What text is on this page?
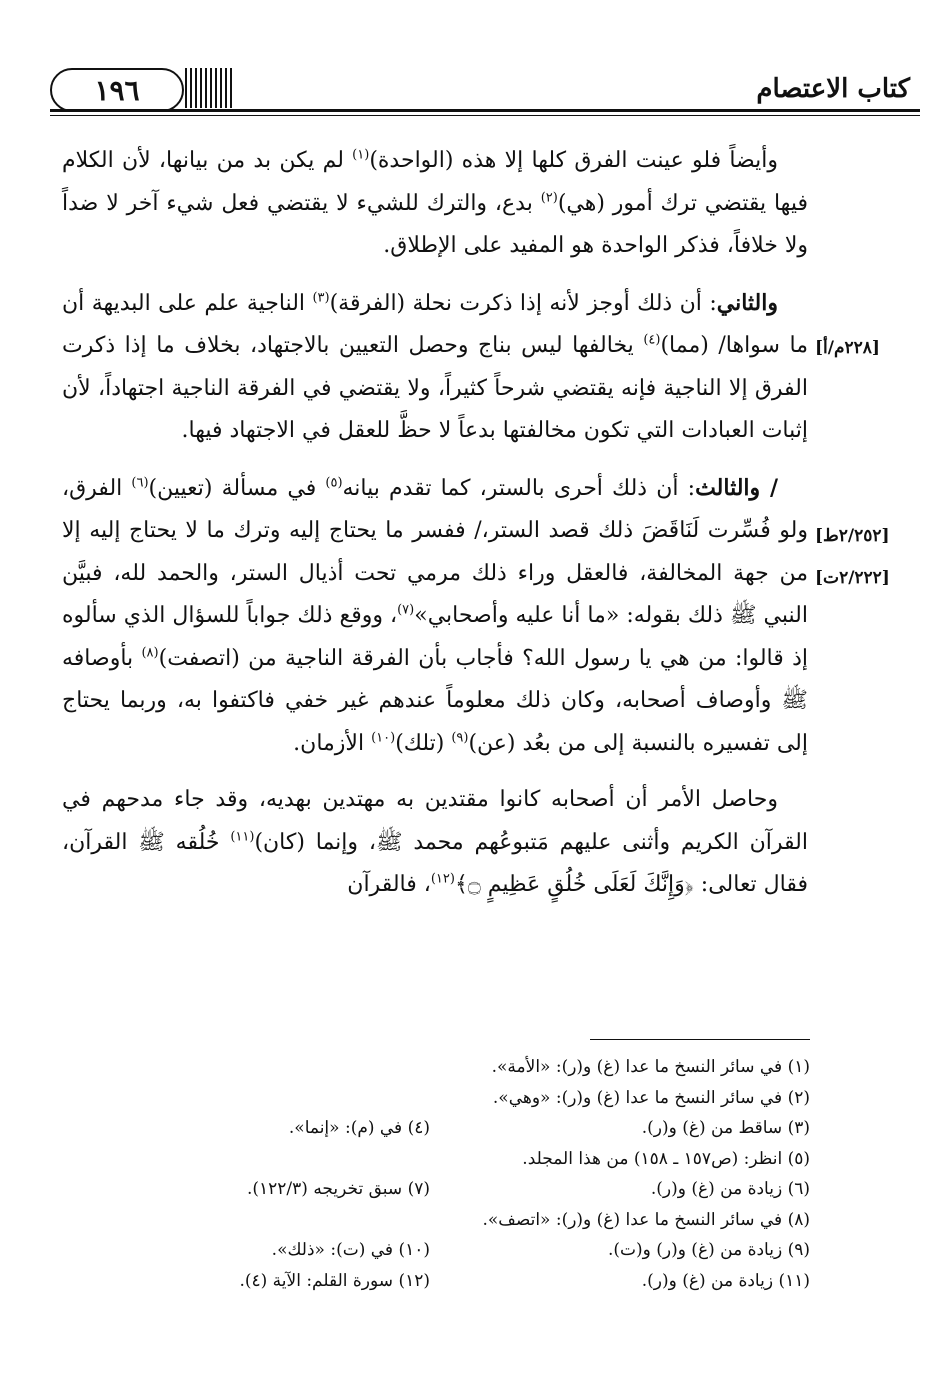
١٩٦	كتاب الاعتصام
[٢٢٨م/أ]
[٢/٢٥٢ط]
[٢/٢٢٢ت]

وأيضاً فلو عينت الفرق كلها إلا هذه (الواحدة)$^{(١)}$ لم يكن بد من بيانها، لأن الكلام فيها يقتضي ترك أمور (هي)$^{(٢)}$ بدع، والترك للشيء لا يقتضي فعل شيء آخر لا ضداً ولا خلافاً، فذكر الواحدة هو المفيد على الإطلاق.

والثاني: أن ذلك أوجز لأنه إذا ذكرت نحلة (الفرقة)$^{(٣)}$ الناجية علم على البديهة أن ما سواها/ (مما)$^{(٤)}$ يخالفها ليس بناج وحصل التعيين بالاجتهاد، بخلاف ما إذا ذكرت الفرق إلا الناجية فإنه يقتضي شرحاً كثيراً، ولا يقتضي في الفرقة الناجية اجتهاداً، لأن إثبات العبادات التي تكون مخالفتها بدعاً لا حظَّ للعقل في الاجتهاد فيها.

/ والثالث: أن ذلك أحرى بالستر، كما تقدم بيانه$^{(٥)}$ في مسألة (تعيين)$^{(٦)}$ الفرق، ولو فُسِّرت لَنَاقَضَ ذلك قصد الستر،/ ففسر ما يحتاج إليه وترك ما لا يحتاج إليه إلا من جهة المخالفة، فالعقل وراء ذلك مرمي تحت أذيال الستر، والحمد لله، فبيَّن النبي ﷺ ذلك بقوله: «ما أنا عليه وأصحابي»$^{(٧)}$، ووقع ذلك جواباً للسؤال الذي سألوه إذ قالوا: من هي يا رسول الله؟ فأجاب بأن الفرقة الناجية من (اتصفت)$^{(٨)}$ بأوصافه ﷺ وأوصاف أصحابه، وكان ذلك معلوماً عندهم غير خفي فاكتفوا به، وربما يحتاج إلى تفسيره بالنسبة إلى من بعُد (عن)$^{(٩)}$ (تلك)$^{(١٠)}$ الأزمان.

وحاصل الأمر أن أصحابه كانوا مقتدين به مهتدين بهديه، وقد جاء مدحهم في القرآن الكريم وأثنى عليهم مَتبوعُهم محمد ﷺ، وإنما (كان)$^{(١١)}$ خُلُقه ﷺ القرآن، فقال تعالى: ﴿وَإِنَّكَ لَعَلَى خُلُقٍ عَظِيمٍ ۝﴾$^{(١٢)}$، فالقرآن

(١) في سائر النسخ ما عدا (غ) و(ر): «الأمة».
(٢) في سائر النسخ ما عدا (غ) و(ر): «وهي».
(٣) ساقط من (غ) و(ر).
(٤) في (م): «إنما».
(٥) انظر: (ص١٥٧ ـ ١٥٨) من هذا المجلد.
(٦) زيادة من (غ) و(ر).
(٧) سبق تخريجه (١٢٢/٣).
(٨) في سائر النسخ ما عدا (غ) و(ر): «اتصف».
(٩) زيادة من (غ) و(ر) و(ت).
(١٠) في (ت): «ذلك».
(١١) زيادة من (غ) و(ر).
(١٢) سورة القلم: الآية (٤).
